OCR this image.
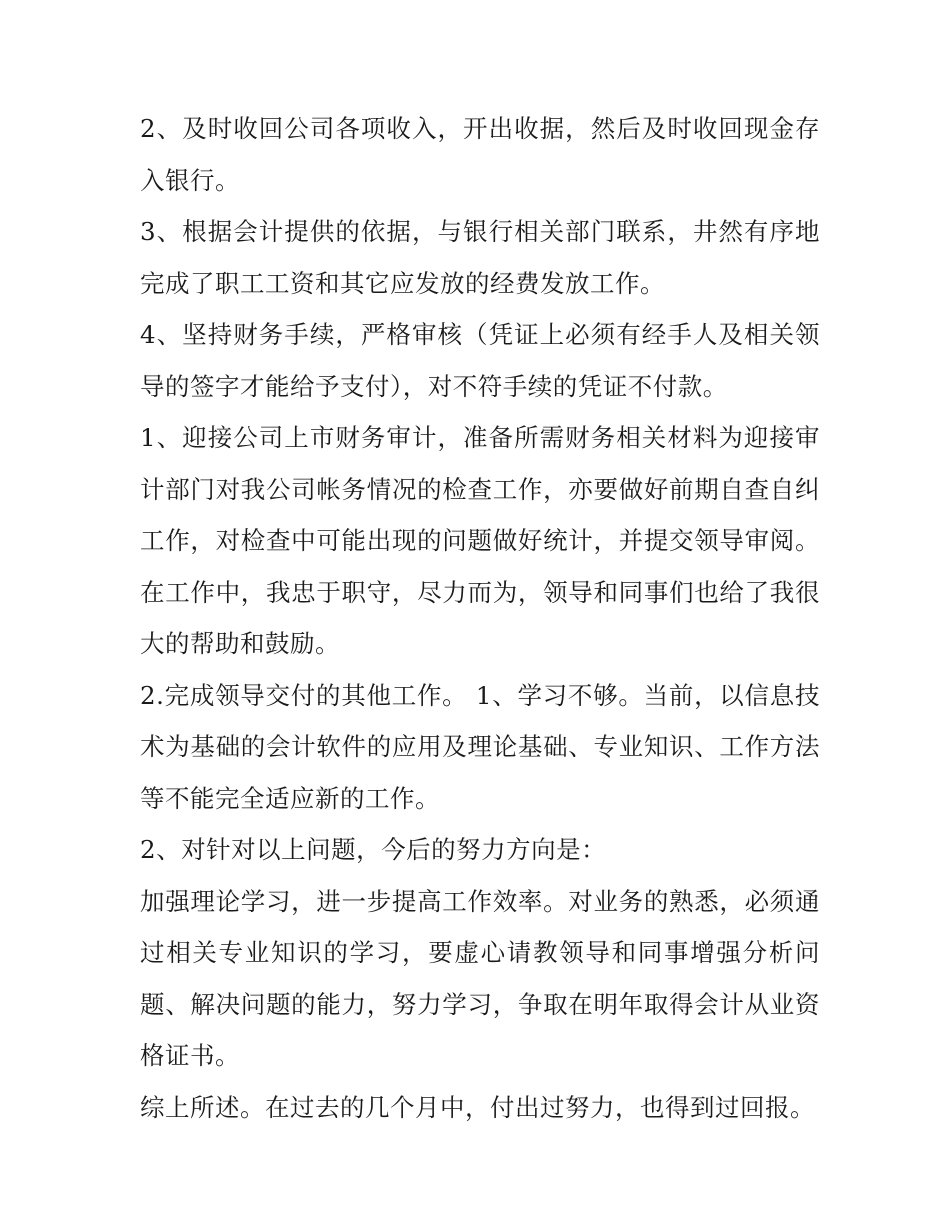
2、及时收回公司各项收入，开出收据，然后及时收回现金存入银行。

3、根据会计提供的依据，与银行相关部门联系，井然有序地完成了职工工资和其它应发放的经费发放工作。

4、坚持财务手续，严格审核（凭证上必须有经手人及相关领导的签字才能给予支付），对不符手续的凭证不付款。

1、迎接公司上市财务审计，准备所需财务相关材料为迎接审计部门对我公司帐务情况的检查工作，亦要做好前期自查自纠工作，对检查中可能出现的问题做好统计，并提交领导审阅。在工作中，我忠于职守，尽力而为，领导和同事们也给了我很大的帮助和鼓励。

2.完成领导交付的其他工作。 1、学习不够。当前，以信息技术为基础的会计软件的应用及理论基础、专业知识、工作方法等不能完全适应新的工作。

2、对针对以上问题，今后的努力方向是：

加强理论学习，进一步提高工作效率。对业务的熟悉，必须通过相关专业知识的学习，要虚心请教领导和同事增强分析问题、解决问题的能力，努力学习，争取在明年取得会计从业资格证书。

综上所述。在过去的几个月中，付出过努力，也得到过回报。
